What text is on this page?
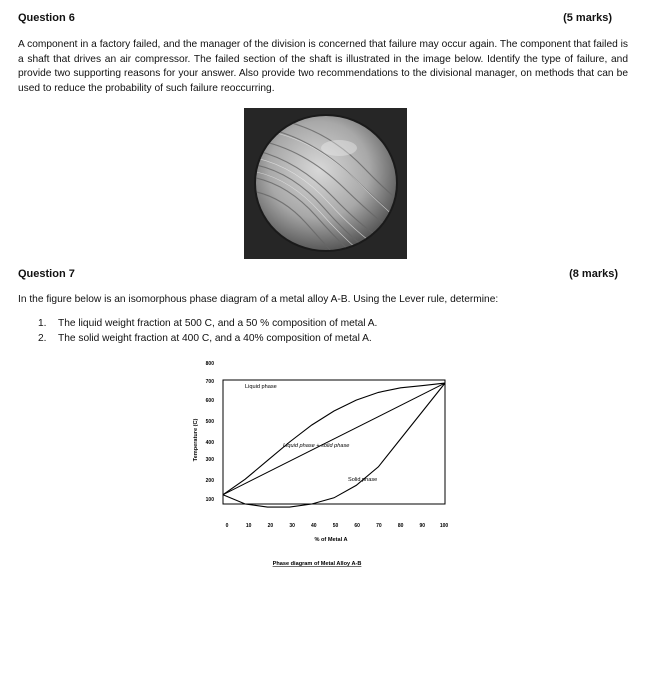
Question 6	(5 marks)
A component in a factory failed, and the manager of the division is concerned that failure may occur again. The component that failed is a shaft that drives an air compressor. The failed section of the shaft is illustrated in the image below. Identify the type of failure, and provide two supporting reasons for your answer. Also provide two recommendations to the divisional manager, on methods that can be used to reduce the probability of such failure reoccurring.
Question 7	(8 marks)
In the figure below is an isomorphous phase diagram of a metal alloy A-B. Using the Lever rule, determine:
1. The liquid weight fraction at 500 C, and a 50 % composition of metal A.
2. The solid weight fraction at 400 C, and a 40% composition of metal A.
800
700
600
500
400
300
200
100
0	10	20	30	40	50	60	70	80	90	100
Liquid phase
Liquid phase + solid phase
Solid phase
Temperature (C)
% of Metal A
Phase diagram of Metal Alloy A-B
